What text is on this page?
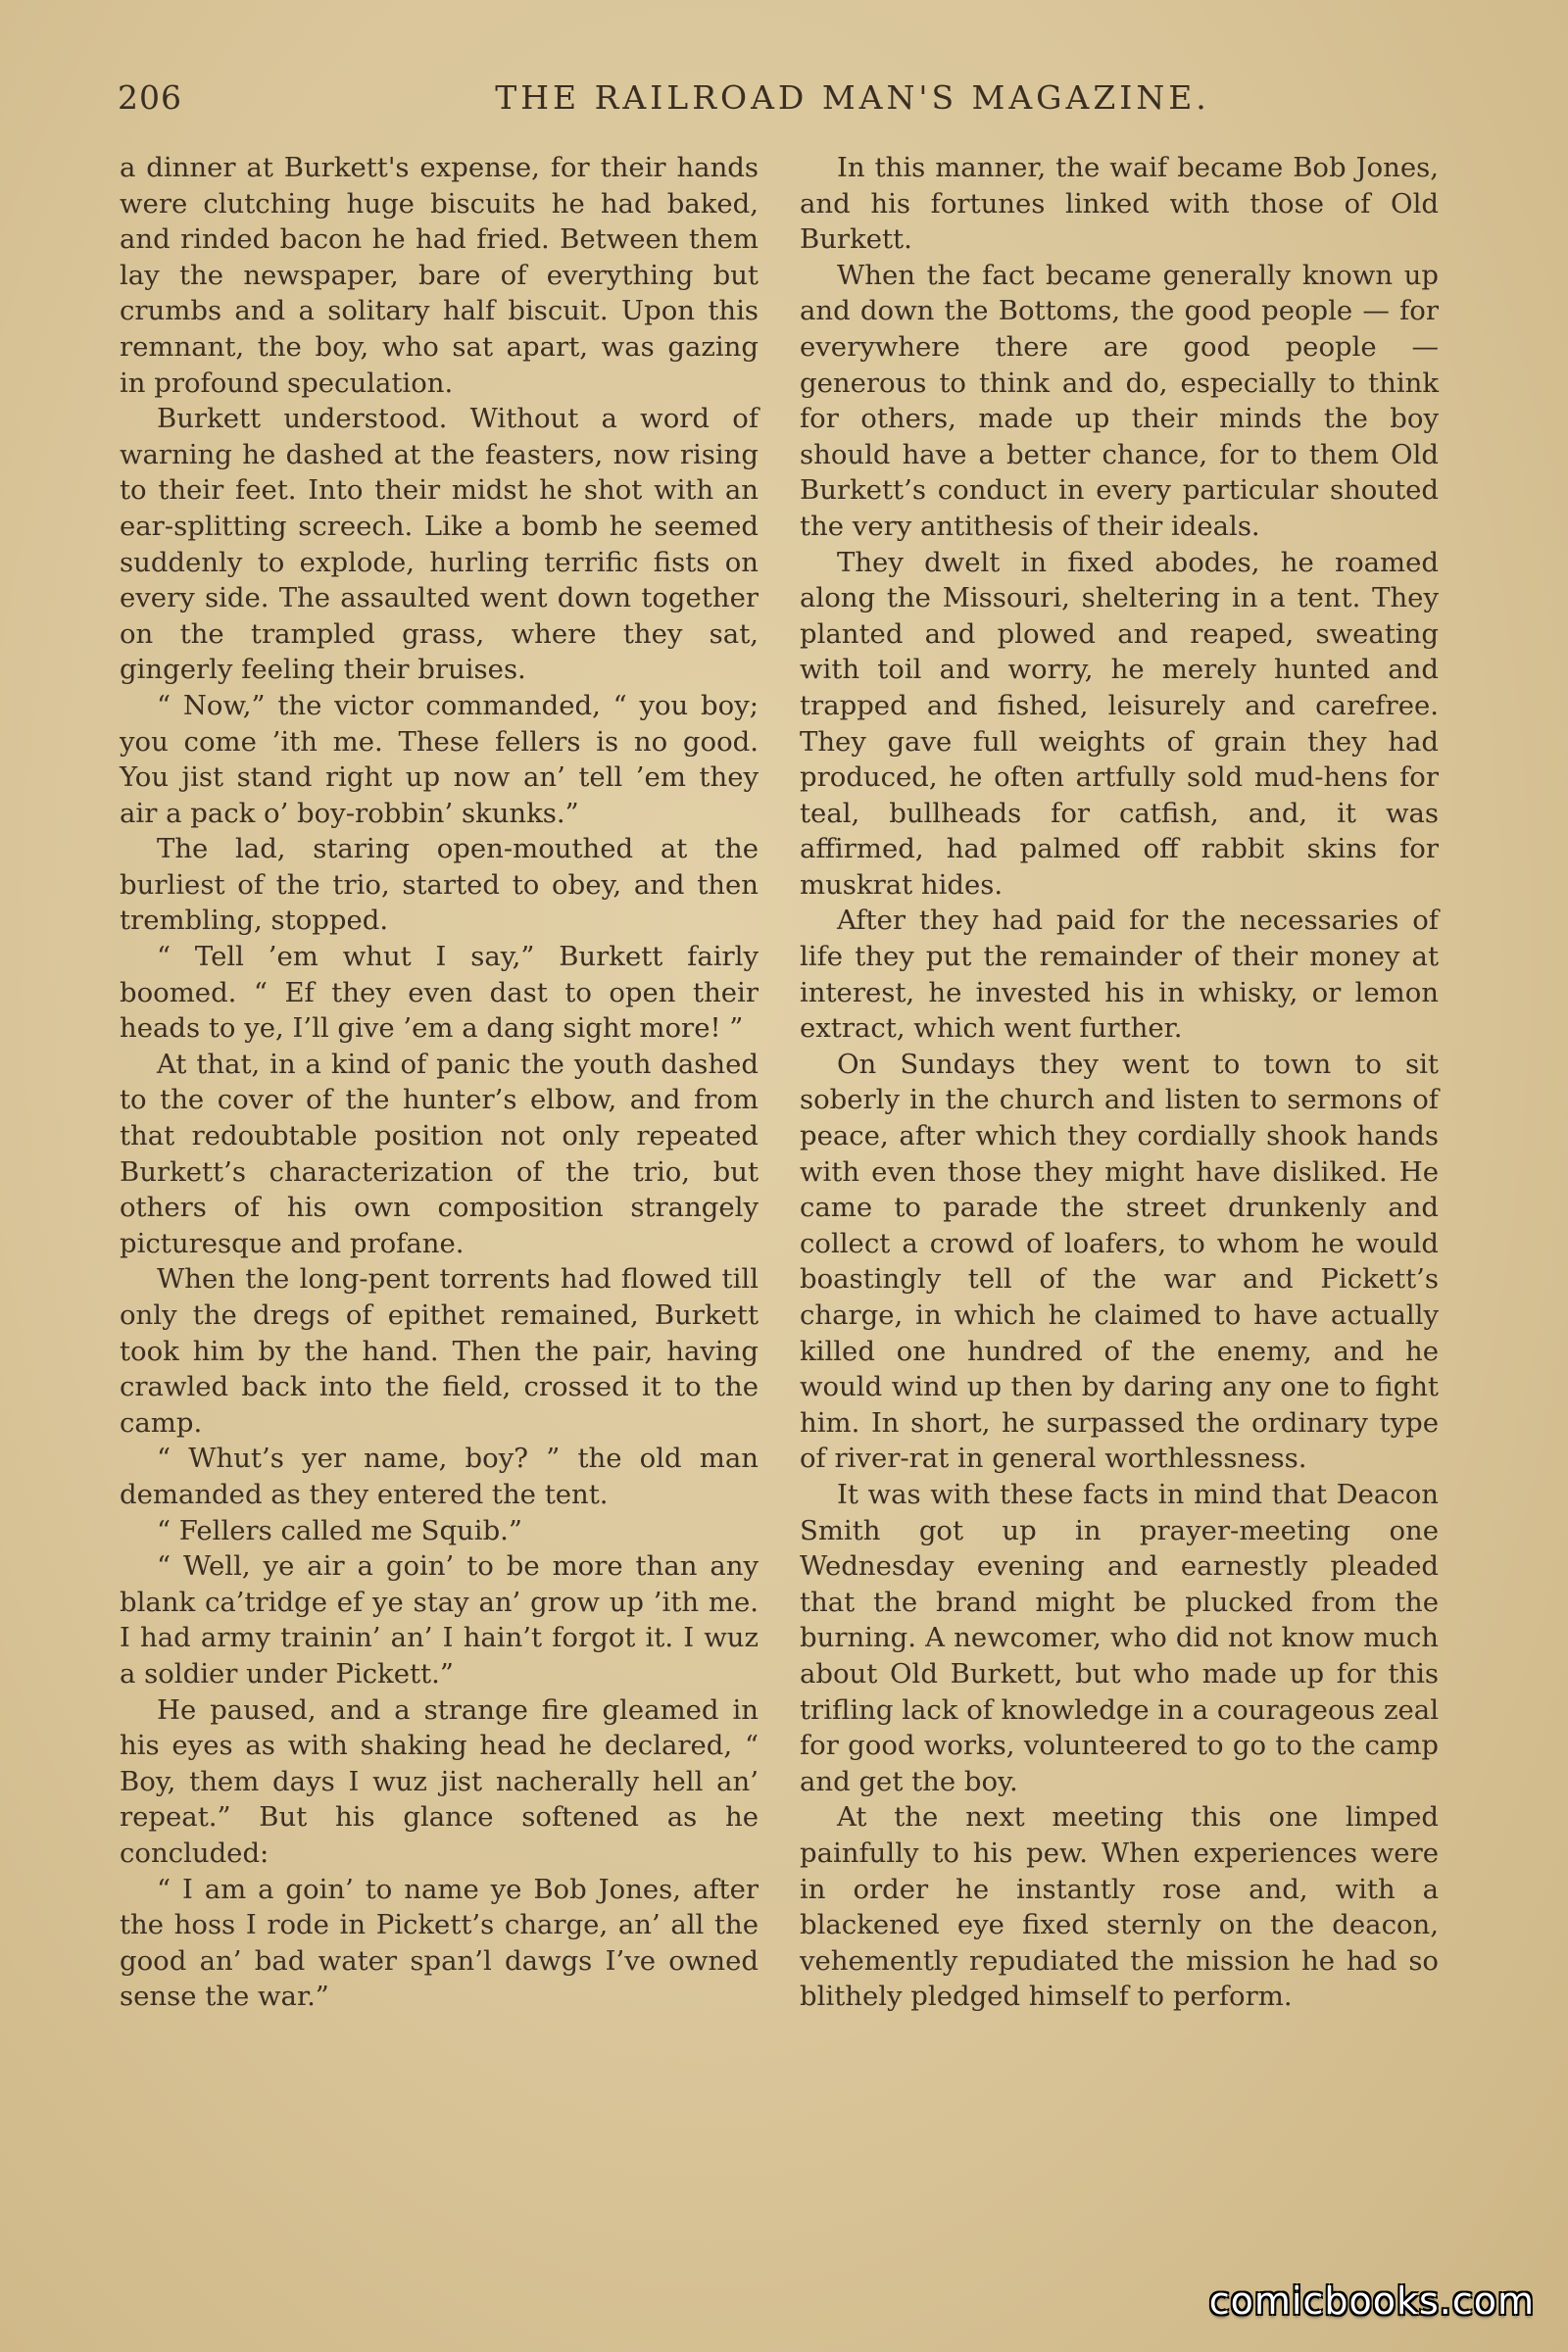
206	THE RAILROAD MAN'S MAGAZINE.

a dinner at Burkett's expense, for their hands were clutching huge biscuits he had baked, and rinded bacon he had fried. Between them lay the newspaper, bare of everything but crumbs and a solitary half biscuit. Upon this remnant, the boy, who sat apart, was gazing in profound speculation.

Burkett understood. Without a word of warning he dashed at the feasters, now rising to their feet. Into their midst he shot with an ear-splitting screech. Like a bomb he seemed suddenly to explode, hurling terrific fists on every side. The assaulted went down together on the trampled grass, where they sat, gingerly feeling their bruises.

“ Now,” the victor commanded, “ you boy; you come ’ith me. These fellers is no good. You jist stand right up now an’ tell ’em they air a pack o’ boy-robbin’ skunks.”

The lad, staring open-mouthed at the burliest of the trio, started to obey, and then trembling, stopped.

“ Tell ’em whut I say,” Burkett fairly boomed. “ Ef they even dast to open their heads to ye, I’ll give ’em a dang sight more! ”

At that, in a kind of panic the youth dashed to the cover of the hunter’s elbow, and from that redoubtable position not only repeated Burkett’s characterization of the trio, but others of his own composition strangely picturesque and profane.

When the long-pent torrents had flowed till only the dregs of epithet remained, Burkett took him by the hand. Then the pair, having crawled back into the field, crossed it to the camp.

“ Whut’s yer name, boy? ” the old man demanded as they entered the tent.

“ Fellers called me Squib.”

“ Well, ye air a goin’ to be more than any blank ca’tridge ef ye stay an’ grow up ’ith me. I had army trainin’ an’ I hain’t forgot it. I wuz a soldier under Pickett.”

He paused, and a strange fire gleamed in his eyes as with shaking head he declared, “ Boy, them days I wuz jist nacherally hell an’ repeat.” But his glance softened as he concluded:

“ I am a goin’ to name ye Bob Jones, after the hoss I rode in Pickett’s charge, an’ all the good an’ bad water span’l dawgs I’ve owned sense the war.”

In this manner, the waif became Bob Jones, and his fortunes linked with those of Old Burkett.

When the fact became generally known up and down the Bottoms, the good people — for everywhere there are good people — generous to think and do, especially to think for others, made up their minds the boy should have a better chance, for to them Old Burkett’s conduct in every particular shouted the very antithesis of their ideals.

They dwelt in fixed abodes, he roamed along the Missouri, sheltering in a tent. They planted and plowed and reaped, sweating with toil and worry, he merely hunted and trapped and fished, leisurely and carefree. They gave full weights of grain they had produced, he often artfully sold mud-hens for teal, bullheads for catfish, and, it was affirmed, had palmed off rabbit skins for muskrat hides.

After they had paid for the necessaries of life they put the remainder of their money at interest, he invested his in whisky, or lemon extract, which went further.

On Sundays they went to town to sit soberly in the church and listen to sermons of peace, after which they cordially shook hands with even those they might have disliked. He came to parade the street drunkenly and collect a crowd of loafers, to whom he would boastingly tell of the war and Pickett’s charge, in which he claimed to have actually killed one hundred of the enemy, and he would wind up then by daring any one to fight him. In short, he surpassed the ordinary type of river-rat in general worthlessness.

It was with these facts in mind that Deacon Smith got up in prayer-meeting one Wednesday evening and earnestly pleaded that the brand might be plucked from the burning. A newcomer, who did not know much about Old Burkett, but who made up for this trifling lack of knowledge in a courageous zeal for good works, volunteered to go to the camp and get the boy.

At the next meeting this one limped painfully to his pew. When experiences were in order he instantly rose and, with a blackened eye fixed sternly on the deacon, vehemently repudiated the mission he had so blithely pledged himself to perform.

comicbooks.com
